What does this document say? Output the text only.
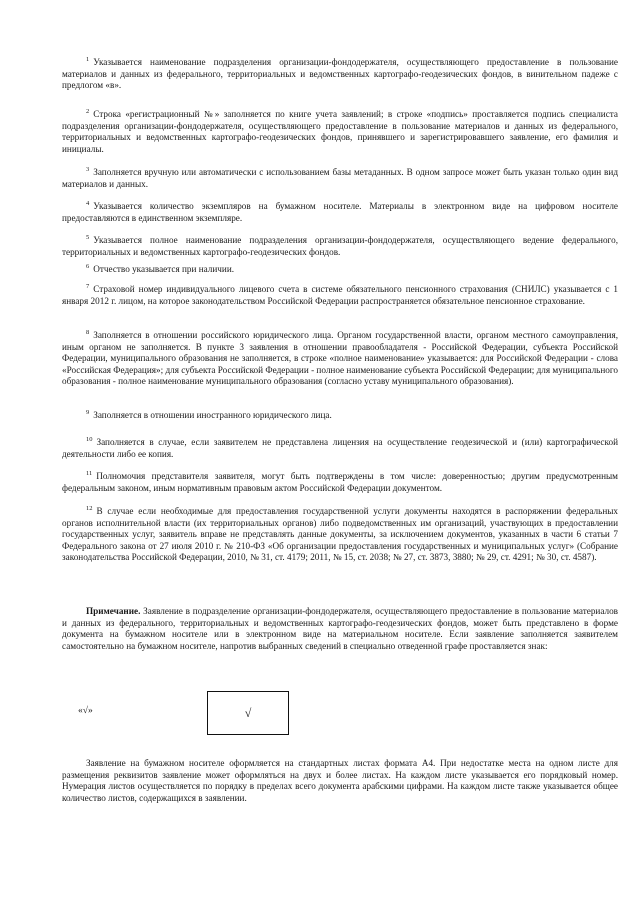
$^1$ Указывается наименование подразделения организации-фондодержателя, осуществляющего предоставление в пользование материалов и данных из федерального, территориальных и ведомственных картографо-геодезических фондов, в винительном падеже с предлогом «в».

$^2$ Строка «регистрационный №» заполняется по книге учета заявлений; в строке «подпись» проставляется подпись специалиста подразделения организации-фондодержателя, осуществляющего предоставление в пользование материалов и данных из федерального, территориальных и ведомственных картографо-геодезических фондов, принявшего и зарегистрировавшего заявление, его фамилия и инициалы.

$^3$ Заполняется вручную или автоматически с использованием базы метаданных. В одном запросе может быть указан только один вид материалов и данных.

$^4$ Указывается количество экземпляров на бумажном носителе. Материалы в электронном виде на цифровом носителе предоставляются в единственном экземпляре.

$^5$ Указывается полное наименование подразделения организации-фондодержателя, осуществляющего ведение федерального, территориальных и ведомственных картографо-геодезических фондов.

$^6$ Отчество указывается при наличии.

$^7$ Страховой номер индивидуального лицевого счета в системе обязательного пенсионного страхования (СНИЛС) указывается с 1 января 2012 г. лицом, на которое законодательством Российской Федерации распространяется обязательное пенсионное страхование.

$^8$ Заполняется в отношении российского юридического лица. Органом государственной власти, органом местного самоуправления, иным органом не заполняется. В пункте 3 заявления в отношении правообладателя - Российской Федерации, субъекта Российской Федерации, муниципального образования не заполняется, в строке «полное наименование» указывается: для Российской Федерации - слова «Российская Федерация»; для субъекта Российской Федерации - полное наименование субъекта Российской Федерации; для муниципального образования - полное наименование муниципального образования (согласно уставу муниципального образования).

$^9$ Заполняется в отношении иностранного юридического лица.

$^{10}$ Заполняется в случае, если заявителем не представлена лицензия на осуществление геодезической и (или) картографической деятельности либо ее копия.

$^{11}$ Полномочия представителя заявителя, могут быть подтверждены в том числе: доверенностью; другим предусмотренным федеральным законом, иным нормативным правовым актом Российской Федерации документом.

$^{12}$ В случае если необходимые для предоставления государственной услуги документы находятся в распоряжении федеральных органов исполнительной власти (их территориальных органов) либо подведомственных им организаций, участвующих в предоставлении государственных услуг, заявитель вправе не представлять данные документы, за исключением документов, указанных в части 6 статьи 7 Федерального закона от 27 июля 2010 г. № 210-ФЗ «Об организации предоставления государственных и муниципальных услуг» (Собрание законодательства Российской Федерации, 2010, № 31, ст. 4179; 2011, № 15, ст. 2038; № 27, ст. 3873, 3880; № 29, ст. 4291; № 30, ст. 4587).

Примечание. Заявление в подразделение организации-фондодержателя, осуществляющего предоставление в пользование материалов и данных из федерального, территориальных и ведомственных картографо-геодезических фондов, может быть представлено в форме документа на бумажном носителе или в электронном виде на материальном носителе. Если заявление заполняется заявителем самостоятельно на бумажном носителе, напротив выбранных сведений в специально отведенной графе проставляется знак:

«√»	√

Заявление на бумажном носителе оформляется на стандартных листах формата А4. При недостатке места на одном листе для размещения реквизитов заявление может оформляться на двух и более листах. На каждом листе указывается его порядковый номер. Нумерация листов осуществляется по порядку в пределах всего документа арабскими цифрами. На каждом листе также указывается общее количество листов, содержащихся в заявлении.
